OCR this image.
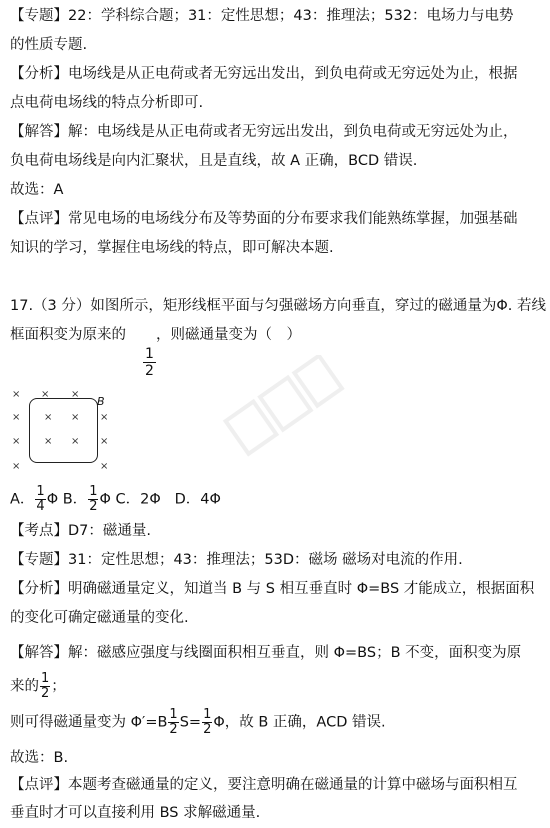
【专题】22：学科综合题；31：定性思想；43：推理法；532：电场力与电势
的性质专题.
【分析】电场线是从正电荷或者无穷远出发出，到负电荷或无穷远处为止，根据
点电荷电场线的特点分析即可.
【解答】解：电场线是从正电荷或者无穷远出发出，到负电荷或无穷远处为止，
负电荷电场线是向内汇聚状，且是直线，故 A 正确，BCD 错误.
故选：A
【点评】常见电场的电场线分布及等势面的分布要求我们能熟练掌握，加强基础
知识的学习，掌握住电场线的特点，即可解决本题.
17.（3 分）如图所示，矩形线框平面与匀强磁场方向垂直，穿过的磁通量为Φ. 若线
框面积变为原来的 ，则磁通量变为（　）
$\frac{1}{2}$
B
× × ×
× × × ×
× × × ×
×	×
A． $\frac{1}{4}$ Φ B． $\frac{1}{2}$ Φ C．2Φ D．4Φ
【考点】D7：磁通量.
【专题】31：定性思想；43：推理法；53D：磁场 磁场对电流的作用.
【分析】明确磁通量定义，知道当 B 与 S 相互垂直时 Φ=BS 才能成立，根据面积
的变化可确定磁通量的变化.
【解答】解：磁感应强度与线圈面积相互垂直，则 Φ=BS；B 不变，面积变为原
来的 $\frac{1}{2}$ ；
则可得磁通量变为 $\Phi'=B \frac{1}{2} S= \frac{1}{2}$ Φ，故 B 正确，ACD 错误.
故选：B.
【点评】本题考查磁通量的定义，要注意明确在磁通量的计算中磁场与面积相互
垂直时才可以直接利用 BS 求解磁通量.
